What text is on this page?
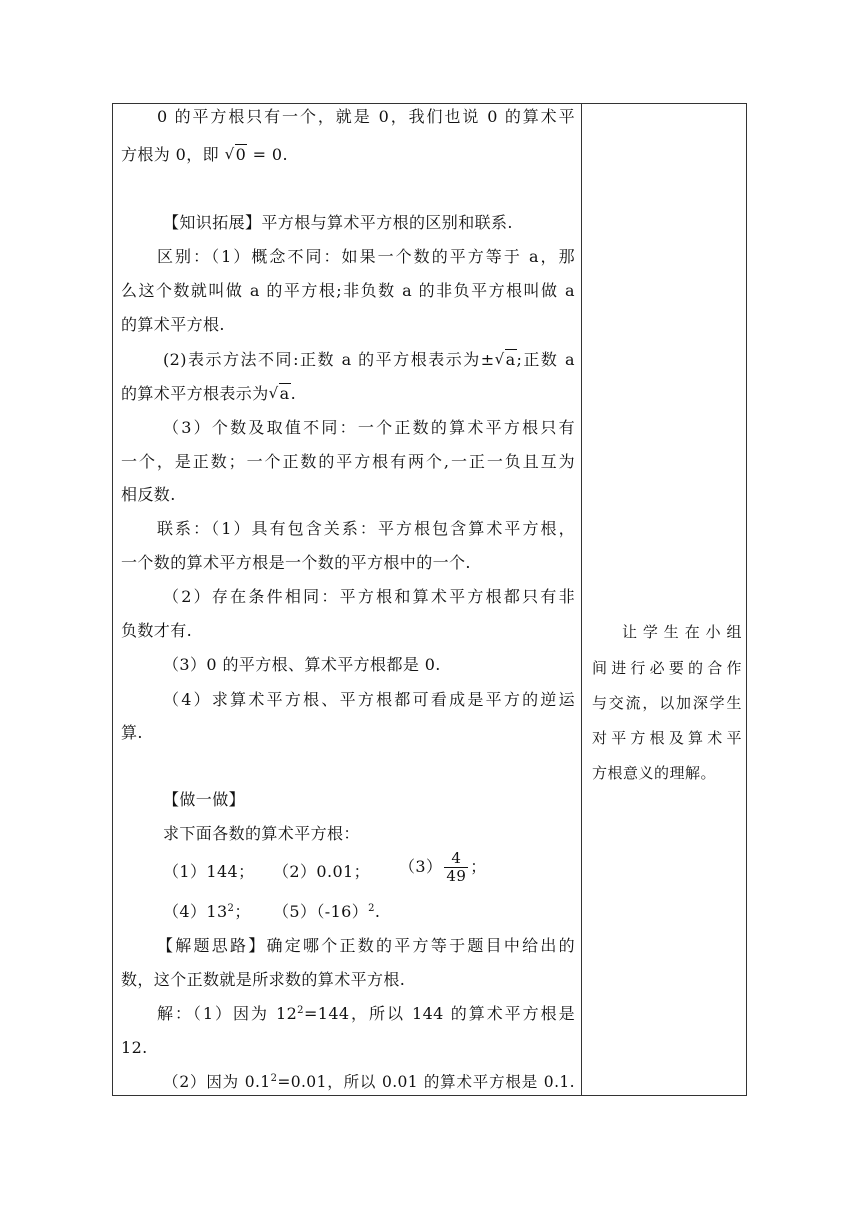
0 的平方根只有一个，就是 0，我们也说 0 的算术平
方根为 0，即 √ 0 = 0.
【知识拓展】平方根与算术平方根的区别和联系.
区别：（1）概念不同：如果一个数的平方等于 a，那
么这个数就叫做 a 的平方根;非负数 a 的非负平方根叫做 a
的算术平方根.
(2)表示方法不同:正数 a 的平方根表示为± √ a;正数 a
的算术平方根表示为 √ a.
（3）个数及取值不同：一个正数的算术平方根只有
一个，是正数；一个正数的平方根有两个,一正一负且互为
相反数.
联系：（1）具有包含关系：平方根包含算术平方根，
一个数的算术平方根是一个数的平方根中的一个.
（2）存在条件相同：平方根和算术平方根都只有非
负数才有.
（3）0 的平方根、算术平方根都是 0.
（4）求算术平方根、平方根都可看成是平方的逆运
算.
【做一做】
求下面各数的算术平方根：
（1）144； （2）0.01； $(3) \frac{4}{49}$ ；
$(4)13^2$； $(5)(-16)^2$.
【解题思路】确定哪个正数的平方等于题目中给出的
数，这个正数就是所求数的算术平方根.
解：（1）因为 $12^2=144$，所以 144 的算术平方根是
12.
（2）因为 $0.1^2=0.01$，所以 0.01 的算术平方根是 0.1.
让学生在小组
间进行必要的合作
与交流，以加深学生
对平方根及算术平
方根意义的理解。
